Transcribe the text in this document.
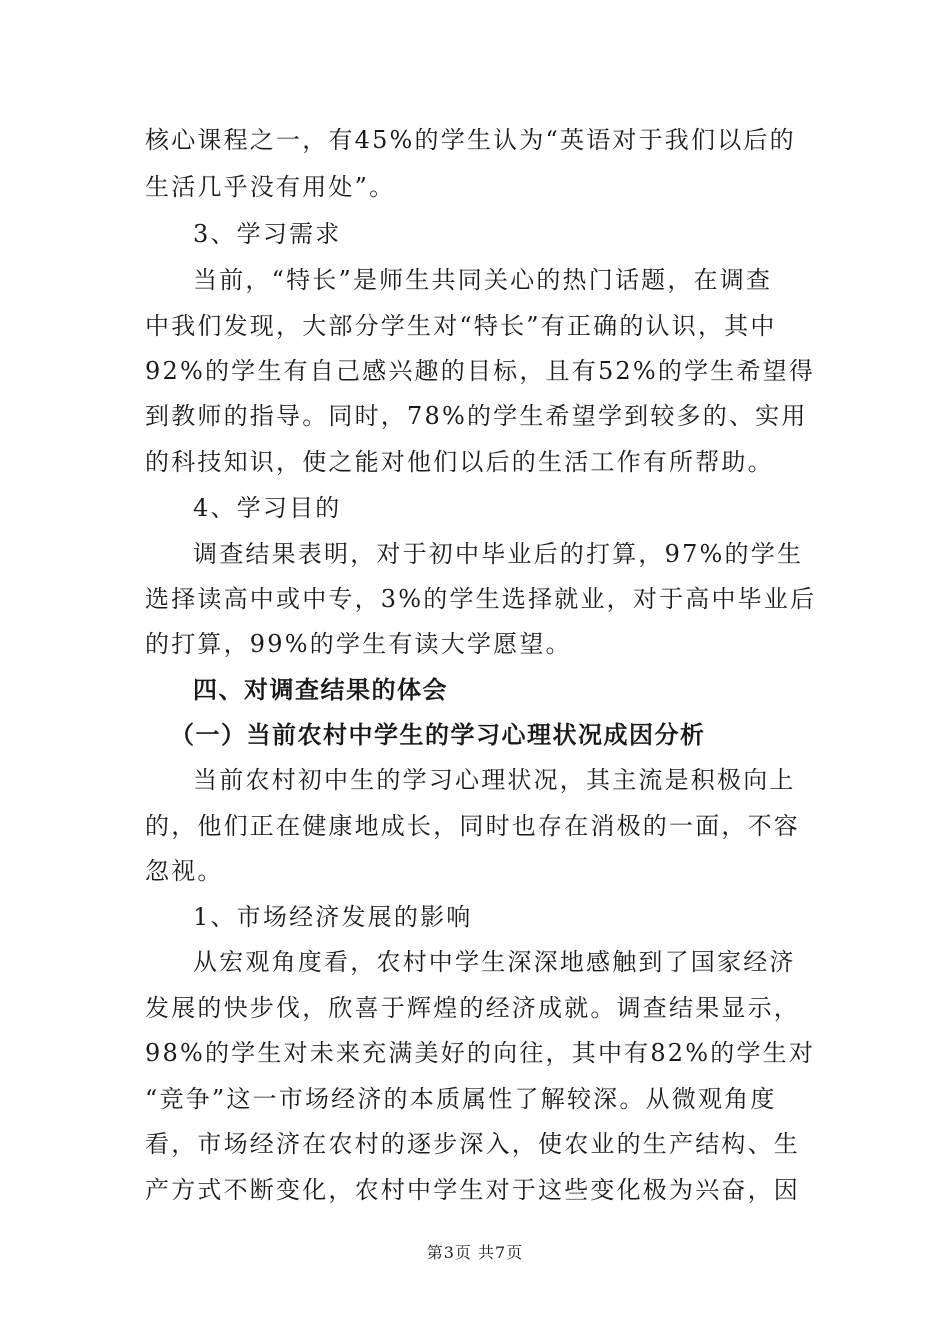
核心课程之一，有45%的学生认为“英语对于我们以后的
生活几乎没有用处”。
3、学习需求
当前，“特长”是师生共同关心的热门话题，在调查
中我们发现，大部分学生对“特长”有正确的认识，其中
92%的学生有自己感兴趣的目标，且有52%的学生希望得
到教师的指导。同时，78%的学生希望学到较多的、实用
的科技知识，使之能对他们以后的生活工作有所帮助。
4、学习目的
调查结果表明，对于初中毕业后的打算，97%的学生
选择读高中或中专，3%的学生选择就业，对于高中毕业后
的打算，99%的学生有读大学愿望。
四、对调查结果的体会
（一）当前农村中学生的学习心理状况成因分析
当前农村初中生的学习心理状况，其主流是积极向上
的，他们正在健康地成长，同时也存在消极的一面，不容
忽视。
1、市场经济发展的影响
从宏观角度看，农村中学生深深地感触到了国家经济
发展的快步伐，欣喜于辉煌的经济成就。调查结果显示，
98%的学生对未来充满美好的向往，其中有82%的学生对
“竞争”这一市场经济的本质属性了解较深。从微观角度
看，市场经济在农村的逐步深入，使农业的生产结构、生
产方式不断变化，农村中学生对于这些变化极为兴奋，因
第3页 共7页
